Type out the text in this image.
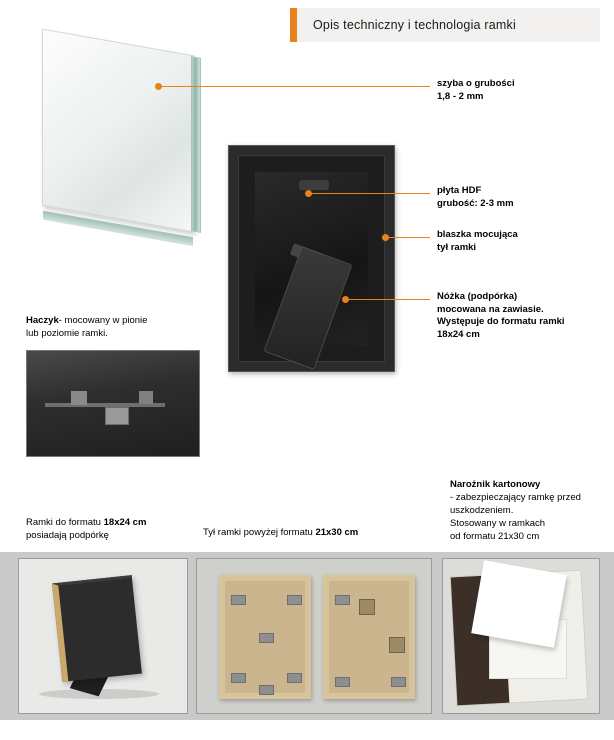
Opis techniczny i technologia ramki
szyba o grubości
1,8 - 2 mm
płyta HDF
grubość: 2-3 mm
blaszka mocująca
tył ramki
Nóżka (podpórka)
mocowana na zawiasie.
Występuje do formatu ramki
18x24 cm
Haczyk- mocowany w pionie
lub poziomie ramki.
Ramki do formatu 18x24 cm
posiadają podpórkę	Tył ramki powyżej formatu 21x30 cm
Narożnik kartonowy
- zabezpieczający ramkę przed
uszkodzeniem.
Stosowany w ramkach
od formatu 21x30 cm
